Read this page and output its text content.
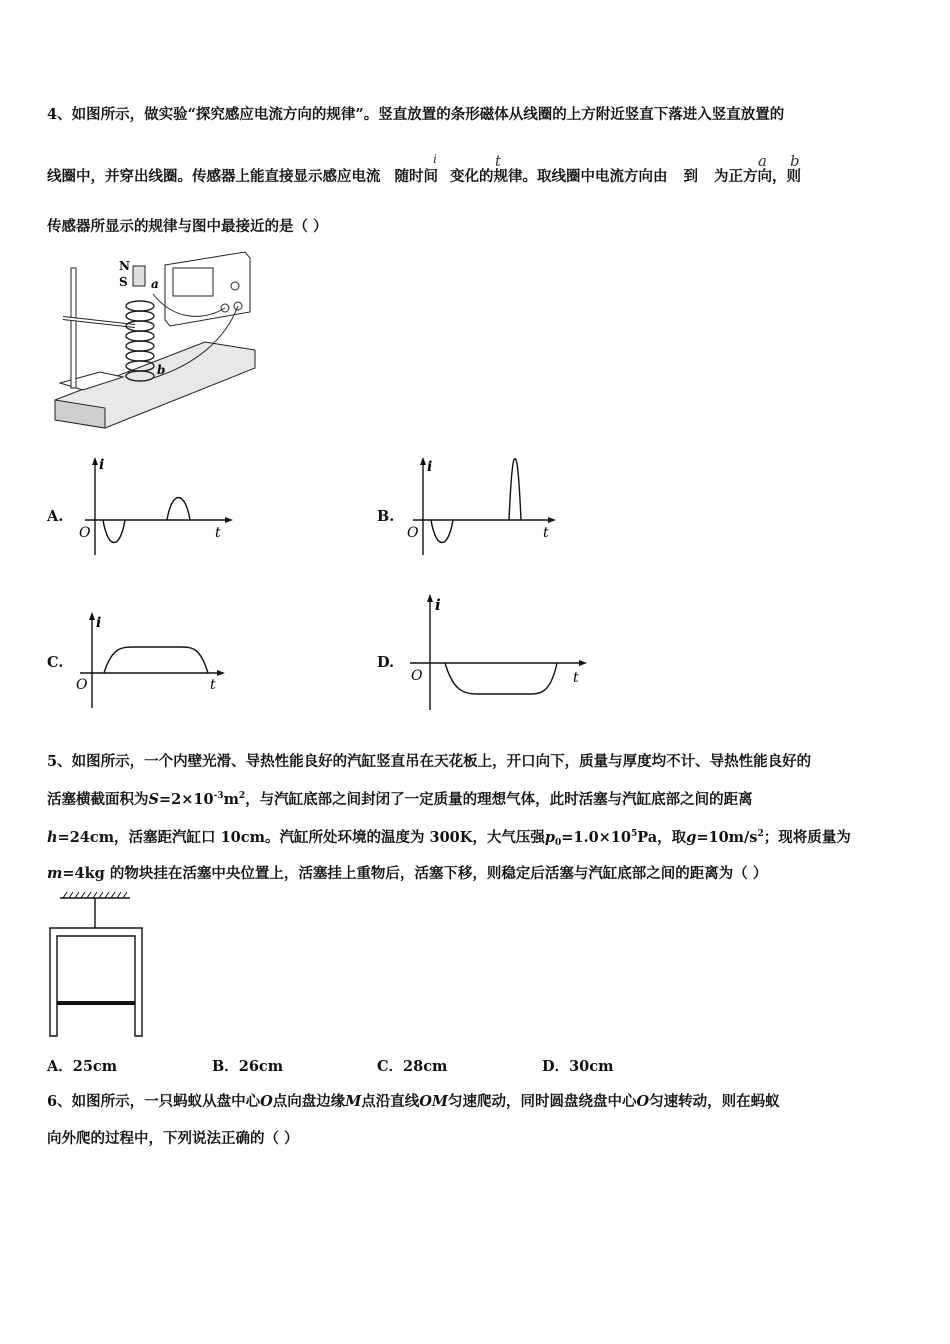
4、如图所示，做实验“探究感应电流方向的规律”。竖直放置的条形磁体从线圈的上方附近竖直下落进入竖直放置的
线圈中，并穿出线圈。传感器上能直接显示感应电流 随时间 变化的规律。取线圈中电流方向由 到 为正方向，则
i	t	a b
传感器所显示的规律与图中最接近的是（ ）
N
S a
b
A.
i
t
O
B.
i
t
O
C.
i
t
O
D.
i
t
O
5、如图所示，一个内壁光滑、导热性能良好的汽缸竖直吊在天花板上，开口向下，质量与厚度均不计、导热性能良好的
活塞横截面积为$S=2\times 10^{-3}m^2$，与汽缸底部之间封闭了一定质量的理想气体，此时活塞与汽缸底部之间的距离
h=24cm，活塞距汽缸口 10cm。汽缸所处环境的温度为 300K，大气压强$p_0=1.0\times 10^5Pa$，取$g=10m/s^2$；现将质量为
m=4kg 的物块挂在活塞中央位置上，活塞挂上重物后，活塞下移，则稳定后活塞与汽缸底部之间的距离为（ ）
A．25cm	B．26cm	C．28cm	D．30cm
6、如图所示，一只蚂蚁从盘中心O点向盘边缘M点沿直线OM匀速爬动，同时圆盘绕盘中心O匀速转动，则在蚂蚁
向外爬的过程中，下列说法正确的（ ）
